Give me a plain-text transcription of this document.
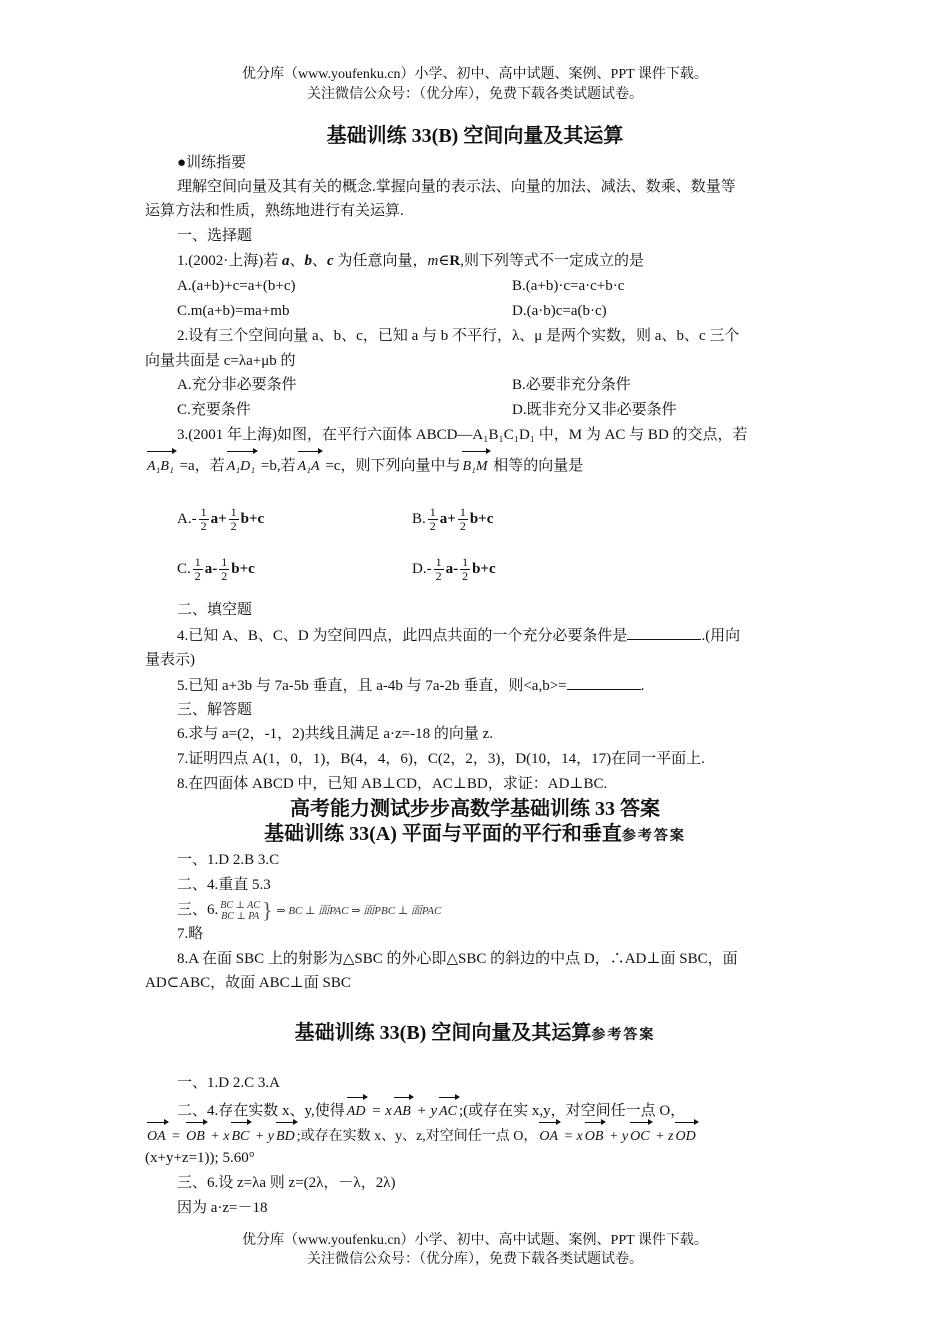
优分库（www.youfenku.cn）小学、初中、高中试题、案例、PPT 课件下载。
关注微信公众号：（优分库），免费下载各类试题试卷。
基础训练 33(B) 空间向量及其运算
●训练指要
理解空间向量及其有关的概念.掌握向量的表示法、向量的加法、减法、数乘、数量等
运算方法和性质，熟练地进行有关运算.
一、选择题
1.(2002·上海)若 a、b、c 为任意向量，m∈R,则下列等式不一定成立的是
A.(a+b)+c=a+(b+c)	B.(a+b)·c=a·c+b·c
C.m(a+b)=ma+mb	D.(a·b)c=a(b·c)
2.设有三个空间向量 a、b、c，已知 a 与 b 不平行，λ、μ 是两个实数，则 a、b、c 三个
向量共面是 c=λa+μb 的
A.充分非必要条件	B.必要非充分条件
C.充要条件	D.既非充分又非必要条件
3.(2001 年上海)如图，在平行六面体 ABCD—A₁B₁C₁D₁ 中，M 为 AC 与 BD 的交点，若
A₁B₁ =a，若 A₁D₁ =b,若 A₁A =c，则下列向量中与 B₁M 相等的向量是
$A.- \frac{1}{2} a+ \frac{1}{2} b+c$	B. $\frac{1}{2} a+ \frac{1}{2} b+c$
C. $\frac{1}{2} a- \frac{1}{2} b+c$	$D.- \frac{1}{2} a- \frac{1}{2} b+c$
二、填空题
4.已知 A、B、C、D 为空间四点，此四点共面的一个充分必要条件是	.(用向
量表示)
5.已知 a+3b 与 7a-5b 垂直，且 a-4b 与 7a-2b 垂直，则<a,b>=	.
三、解答题
6.求与 a=(2，-1，2)共线且满足 a·z=-18 的向量 z.
7.证明四点 A(1，0，1)，B(4，4，6)，C(2，2，3)，D(10，14，17)在同一平面上.
8.在四面体 ABCD 中，已知 AB⊥CD，AC⊥BD，求证：AD⊥BC.
高考能力测试步步高数学基础训练 33 答案
基础训练 33(A) 平面与平面的平行和垂直参考答案
一、1.D 2.B 3.C
二、4.重直 5.3
三、6. BC ⊥ AC
BC ⊥ PA } ⇒ BC ⊥ 面PAC ⇒ 面PBC ⊥ 面PAC
7.略
8.A 在面 SBC 上的射影为△SBC 的外心即△SBC 的斜边的中点 D，∴AD⊥面 SBC，面
AD⊂ABC，故面 ABC⊥面 SBC
基础训练 33(B) 空间向量及其运算参考答案
一、1.D 2.C 3.A
二、4.存在实数 x、y,使得 AD = x AB + y AC ;(或存在实 x,y，对空间任一点 O，
OA = OB + x BC + y BD ;或存在实数 x、y、z,对空间任一点 O， OA = x OB + y OC + z OD
(x+y+z=1)); 5.60°
三、6.设 z=λa 则 z=(2λ，－λ，2λ)
因为 a·z=－18
优分库（www.youfenku.cn）小学、初中、高中试题、案例、PPT 课件下载。
关注微信公众号：（优分库），免费下载各类试题试卷。
